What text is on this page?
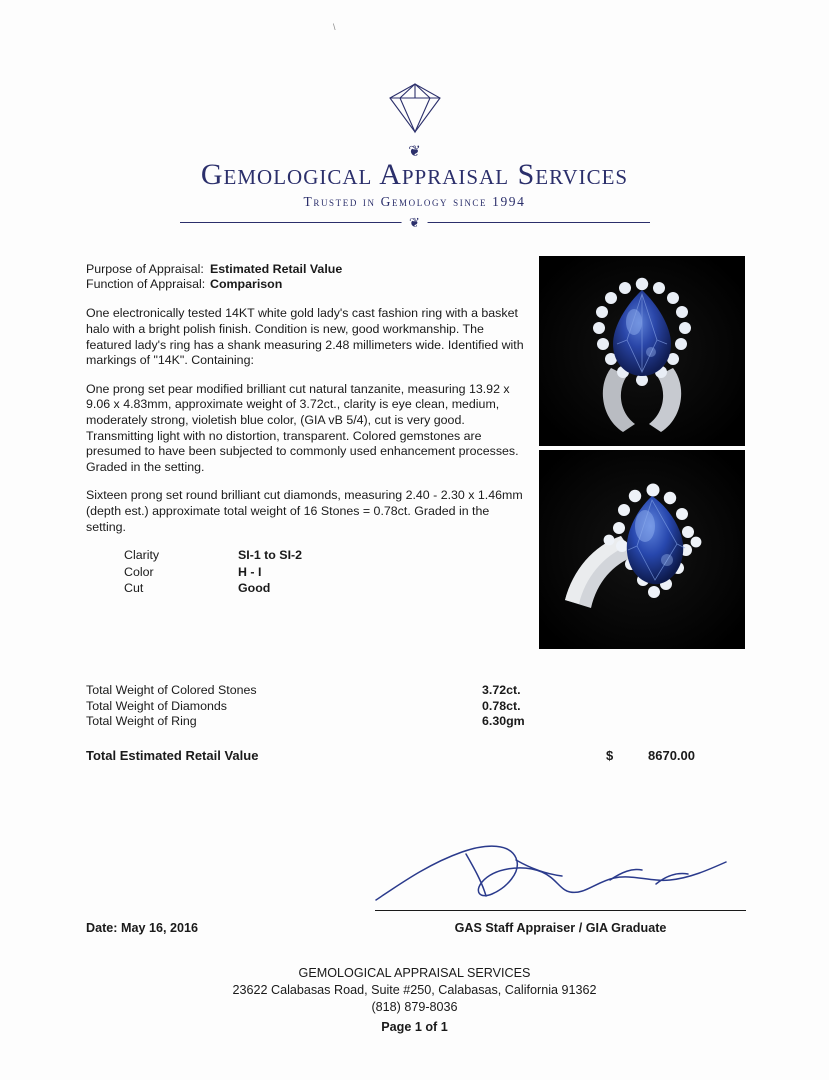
\
❦
Gemological Appraisal Services
Trusted in Gemology since 1994
❦
Purpose of Appraisal: Estimated Retail Value
Function of Appraisal: Comparison
One electronically tested 14KT white gold lady's cast fashion ring with a basket halo with a bright polish finish. Condition is new, good workmanship. The featured lady's ring has a shank measuring 2.48 millimeters wide. Identified with markings of "14K". Containing:
One prong set pear modified brilliant cut natural tanzanite, measuring 13.92 x 9.06 x 4.83mm, approximate weight of 3.72ct., clarity is eye clean, medium, moderately strong, violetish blue color, (GIA vB 5/4), cut is very good. Transmitting light with no distortion, transparent. Colored gemstones are presumed to have been subjected to commonly used enhancement processes. Graded in the setting.
Sixteen prong set round brilliant cut diamonds, measuring 2.40 - 2.30 x 1.46mm (depth est.) approximate total weight of 16 Stones = 0.78ct. Graded in the setting.
Clarity	SI-1 to SI-2
Color	H - I
Cut	Good
Total Weight of Colored Stones	3.72ct.
Total Weight of Diamonds	0.78ct.
Total Weight of Ring	6.30gm
Total Estimated Retail Value	$	8670.00
Date: May 16, 2016	GAS Staff Appraiser / GIA Graduate
GEMOLOGICAL APPRAISAL SERVICES
23622 Calabasas Road, Suite #250, Calabasas, California 91362
(818) 879-8036
Page 1 of 1
